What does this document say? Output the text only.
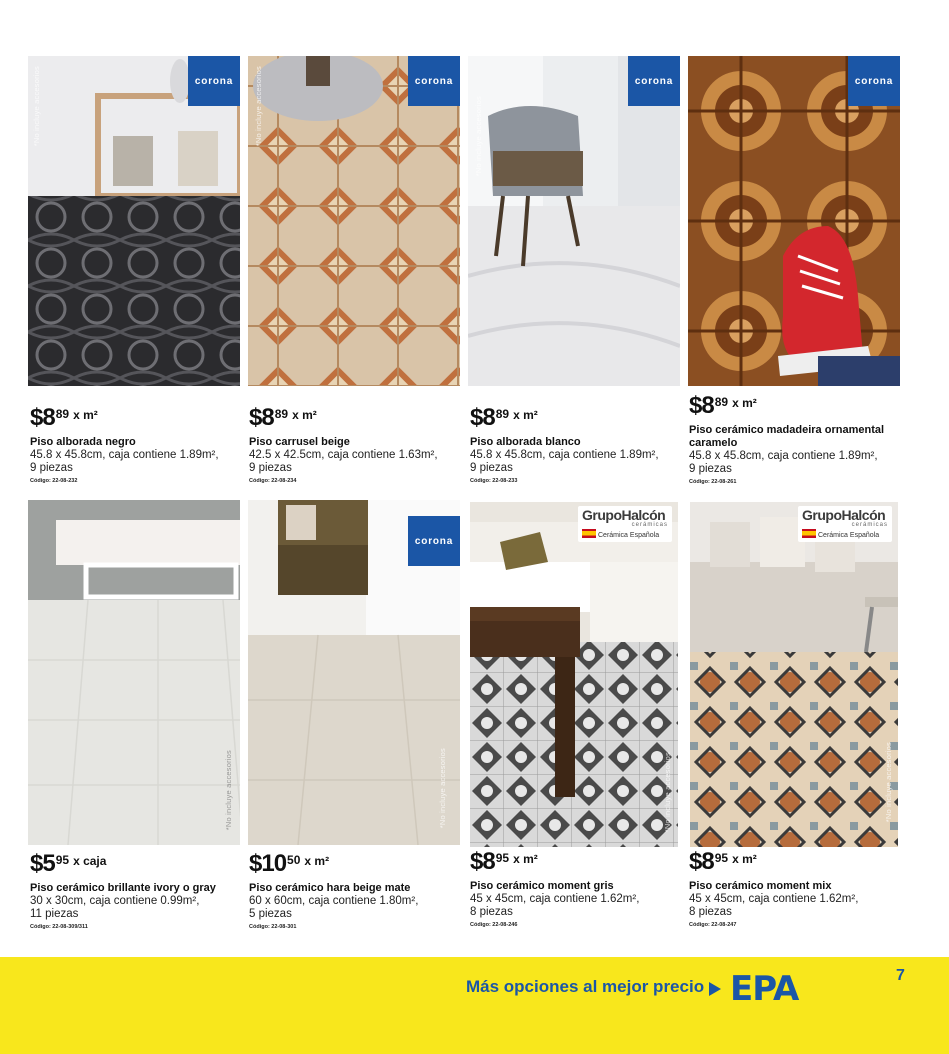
corona
*No incluye accesorios
$8 89 x m²
Piso alborada negro
45.8 x 45.8cm, caja contiene 1.89m²,
9 piezas
Código: 22-08-232
corona
*No incluye accesorios
$8 89 x m²
Piso carrusel beige
42.5 x 42.5cm, caja contiene 1.63m²,
9 piezas
Código: 22-08-234
corona
*No incluye accesorios
$8 89 x m²
Piso alborada blanco
45.8 x 45.8cm, caja contiene 1.89m²,
9 piezas
Código: 22-08-233
corona
$8 89 x m²
Piso cerámico madadeira ornamental
caramelo
45.8 x 45.8cm, caja contiene 1.89m²,
9 piezas
Código: 22-08-261
*No incluye accesorios
$5 95 x caja
Piso cerámico brillante ivory o gray
30 x 30cm, caja contiene 0.99m²,
11 piezas
Código: 22-08-309/311
corona
*No incluye accesorios
$10 50 x m²
Piso cerámico hara beige mate
60 x 60cm, caja contiene 1.80m²,
5 piezas
Código: 22-08-301
GrupoHalcón
cerámicas
Cerámica Española
*No incluye accesorios
$8 95 x m²
Piso cerámico moment gris
45 x 45cm, caja contiene 1.62m²,
8 piezas
Código: 22-08-246
GrupoHalcón
cerámicas
Cerámica Española
*No incluye accesorios
$8 95 x m²
Piso cerámico moment mix
45 x 45cm, caja contiene 1.62m²,
8 piezas
Código: 22-08-247
Más opciones al mejor precio EPA	7
